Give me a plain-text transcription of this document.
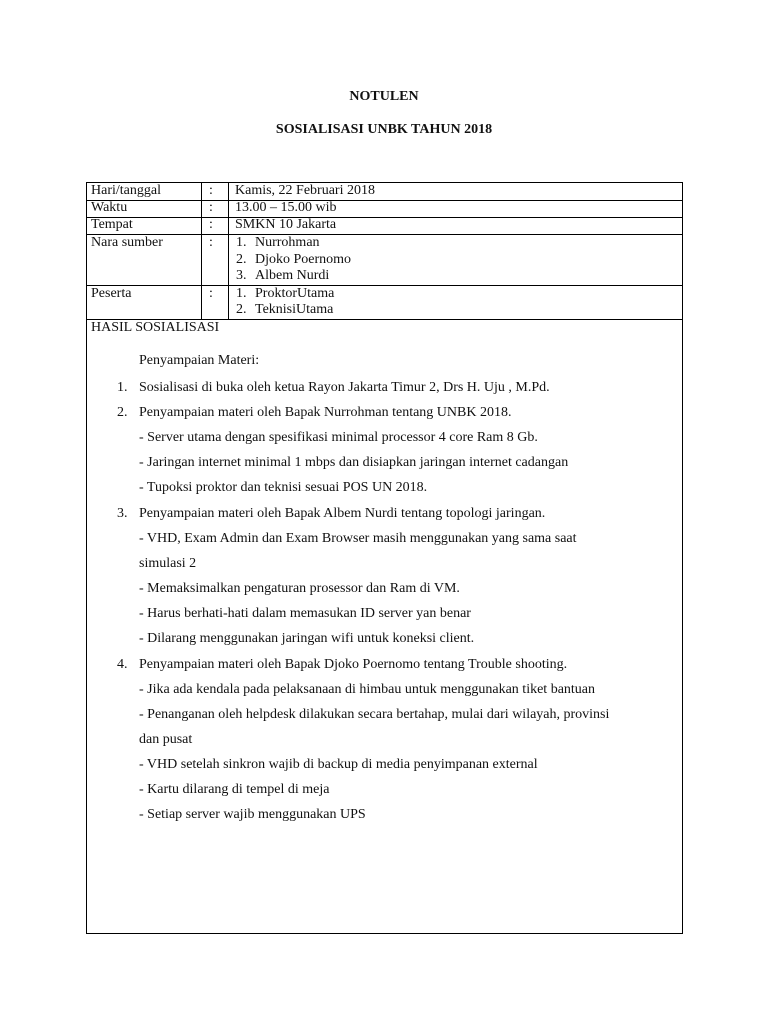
NOTULEN
SOSIALISASI UNBK TAHUN 2018
Hari/tanggal	: Kamis, 22 Februari 2018
Waktu	: 13.00 – 15.00 wib
Tempat	: SMKN 10 Jakarta
Nara sumber	: 1. Nurrohman
2. Djoko Poernomo
3. Albem Nurdi
Peserta	: 1. ProktorUtama
2. TeknisiUtama
HASIL SOSIALISASI
Penyampaian Materi:
1. Sosialisasi di buka oleh ketua Rayon Jakarta Timur 2, Drs H. Uju , M.Pd.
2. Penyampaian materi oleh Bapak Nurrohman tentang UNBK 2018.
- Server utama dengan spesifikasi minimal processor 4 core Ram 8 Gb.
- Jaringan internet minimal 1 mbps dan disiapkan jaringan internet cadangan
- Tupoksi proktor dan teknisi sesuai POS UN 2018.
3. Penyampaian materi oleh Bapak Albem Nurdi tentang topologi jaringan.
- VHD, Exam Admin dan Exam Browser masih menggunakan yang sama saat
simulasi 2
- Memaksimalkan pengaturan prosessor dan Ram di VM.
- Harus berhati-hati dalam memasukan ID server yan benar
- Dilarang menggunakan jaringan wifi untuk koneksi client.
4. Penyampaian materi oleh Bapak Djoko Poernomo tentang Trouble shooting.
- Jika ada kendala pada pelaksanaan di himbau untuk menggunakan tiket bantuan
- Penanganan oleh helpdesk dilakukan secara bertahap, mulai dari wilayah, provinsi
dan pusat
- VHD setelah sinkron wajib di backup di media penyimpanan external
- Kartu dilarang di tempel di meja
- Setiap server wajib menggunakan UPS
